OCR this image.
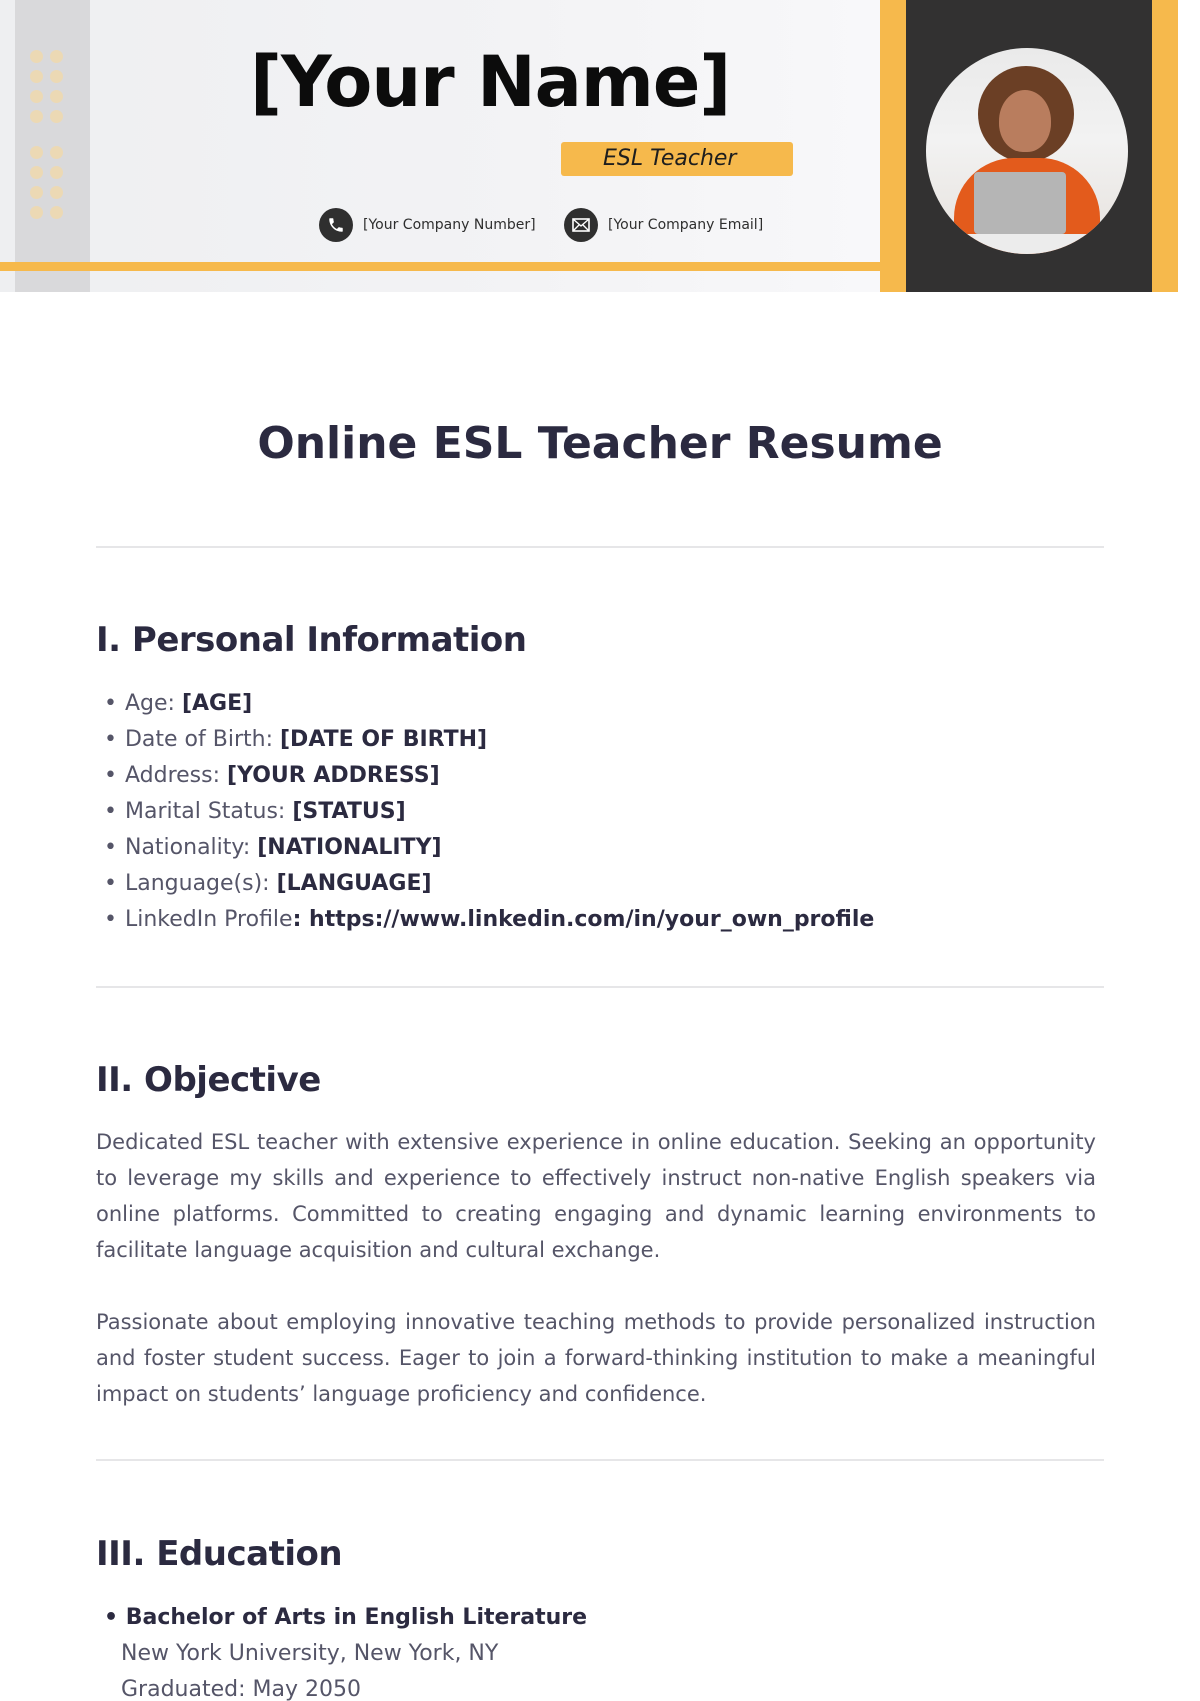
[Your Name]
ESL Teacher
[Your Company Number]	[Your Company Email]
Online ESL Teacher Resume
I. Personal Information
• Age: [AGE]
• Date of Birth: [DATE OF BIRTH]
• Address: [YOUR ADDRESS]
• Marital Status: [STATUS]
• Nationality: [NATIONALITY]
• Language(s): [LANGUAGE]
• LinkedIn Profile: https://www.linkedin.com/in/your_own_profile
II. Objective

Dedicated ESL teacher with extensive experience in online education. Seeking an opportunity to leverage my skills and experience to effectively instruct non-native English speakers via online platforms. Committed to creating engaging and dynamic learning environments to facilitate language acquisition and cultural exchange.

Passionate about employing innovative teaching methods to provide personalized instruction and foster student success. Eager to join a forward-thinking institution to make a meaningful impact on students’ language proficiency and confidence.

III. Education
• Bachelor of Arts in English Literature
New York University, New York, NY
Graduated: May 2050
